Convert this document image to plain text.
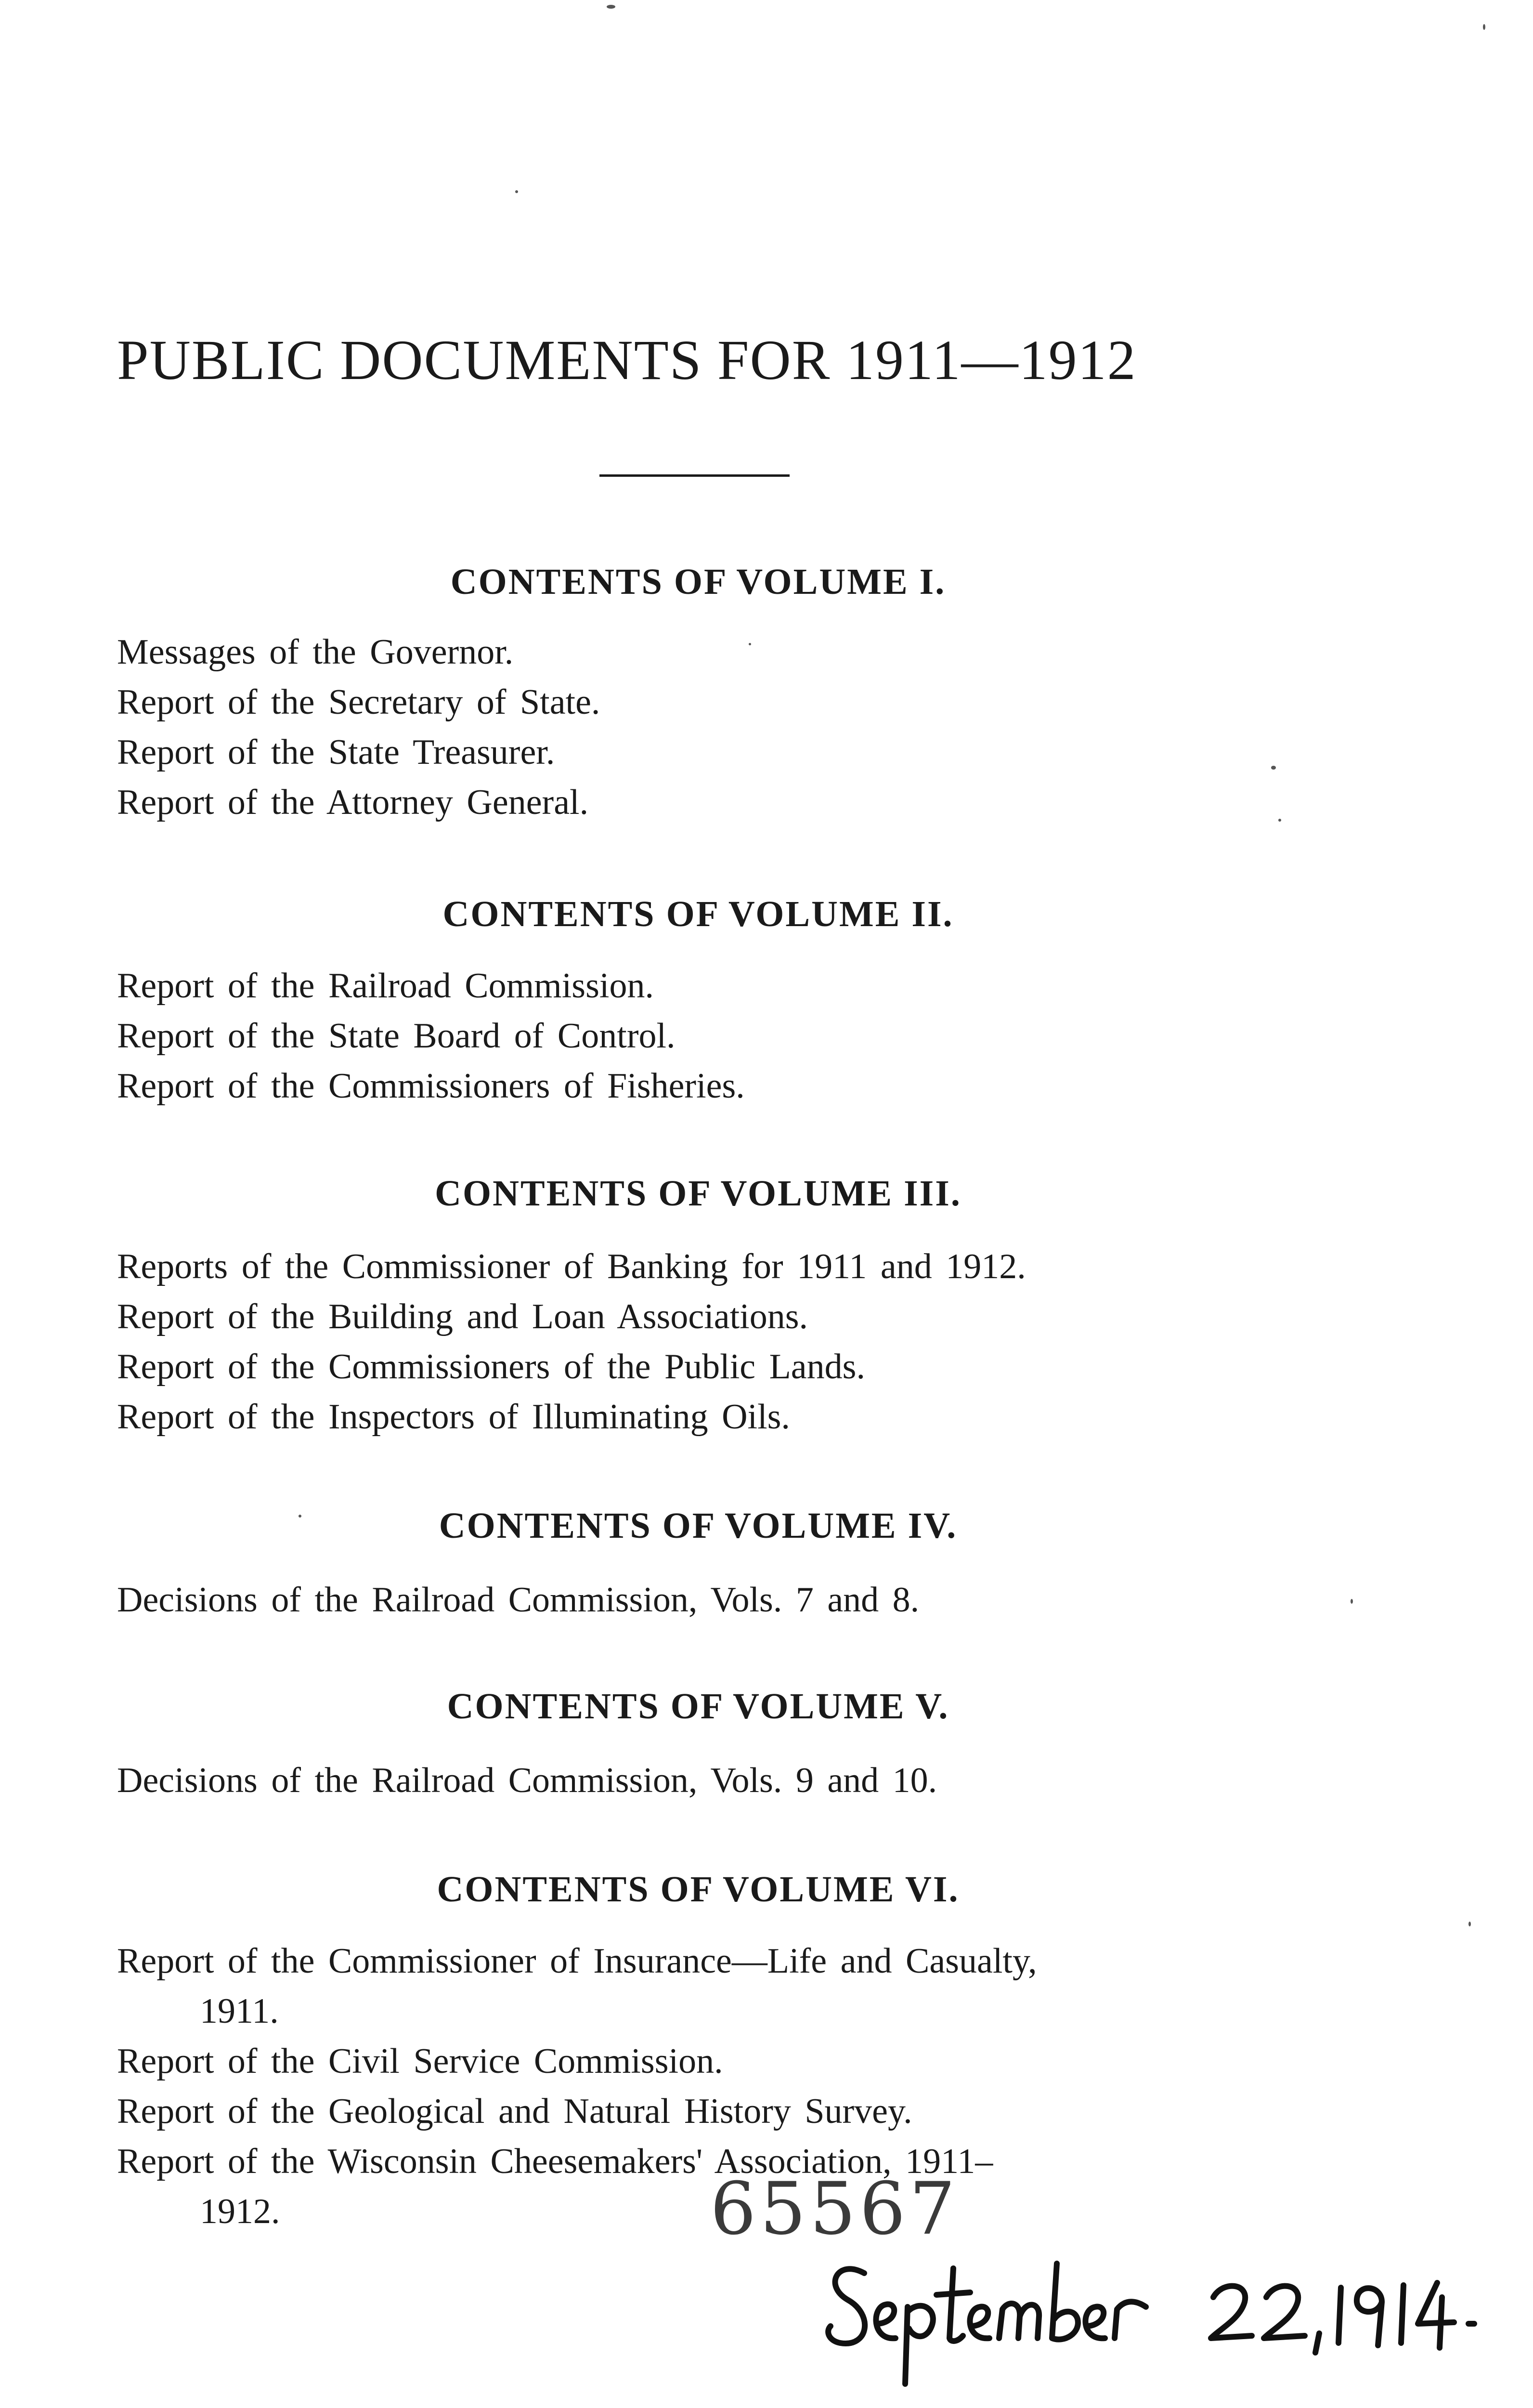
PUBLIC DOCUMENTS FOR 1911—1912
CONTENTS OF VOLUME I.

Messages of the Governor.

Report of the Secretary of State.

Report of the State Treasurer.

Report of the Attorney General.

CONTENTS OF VOLUME II.

Report of the Railroad Commission.

Report of the State Board of Control.

Report of the Commissioners of Fisheries.

CONTENTS OF VOLUME III.

Reports of the Commissioner of Banking for 1911 and 1912.

Report of the Building and Loan Associations.

Report of the Commissioners of the Public Lands.

Report of the Inspectors of Illuminating Oils.

CONTENTS OF VOLUME IV.

Decisions of the Railroad Commission, Vols. 7 and 8.

CONTENTS OF VOLUME V.

Decisions of the Railroad Commission, Vols. 9 and 10.

CONTENTS OF VOLUME VI.

Report of the Commissioner of Insurance—Life and Casualty,

1911.

Report of the Civil Service Commission.

Report of the Geological and Natural History Survey.

Report of the Wisconsin Cheesemakers' Association, 1911–

1912.	65567
